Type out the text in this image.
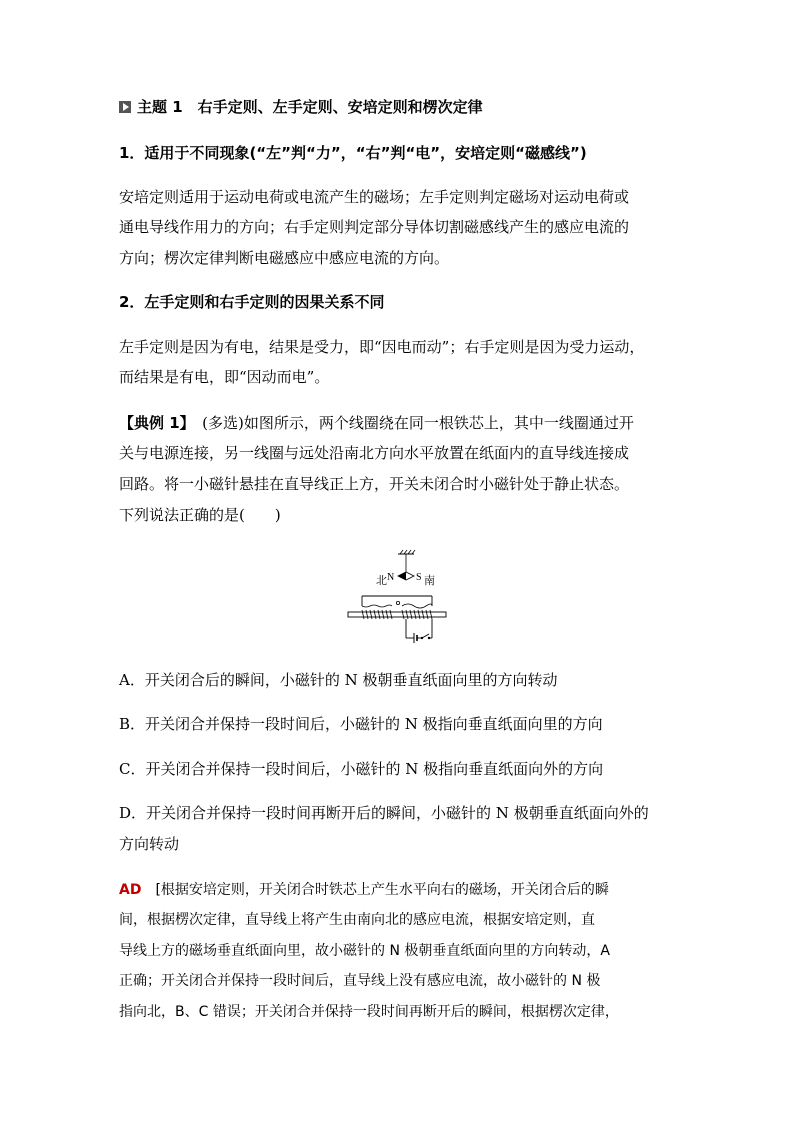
主题 1　右手定则、左手定则、安培定则和楞次定律
1．适用于不同现象(“左”判“力”，“右”判“电”，安培定则“磁感线”)
安培定则适用于运动电荷或电流产生的磁场；左手定则判定磁场对运动电荷或
通电导线作用力的方向；右手定则判定部分导体切割磁感线产生的感应电流的
方向；楞次定律判断电磁感应中感应电流的方向。
2．左手定则和右手定则的因果关系不同
左手定则是因为有电，结果是受力，即“因电而动”；右手定则是因为受力运动，
而结果是有电，即“因动而电”。
【典例 1】　(多选)如图所示，两个线圈绕在同一根铁芯上，其中一线圈通过开
关与电源连接，另一线圈与远处沿南北方向水平放置在纸面内的直导线连接成
回路。将一小磁针悬挂在直导线正上方，开关未闭合时小磁针处于静止状态。
下列说法正确的是(　　)
N S
北	南
A．开关闭合后的瞬间，小磁针的 N 极朝垂直纸面向里的方向转动
B．开关闭合并保持一段时间后，小磁针的 N 极指向垂直纸面向里的方向
C．开关闭合并保持一段时间后，小磁针的 N 极指向垂直纸面向外的方向
D．开关闭合并保持一段时间再断开后的瞬间，小磁针的 N 极朝垂直纸面向外的
方向转动
AD　[根据安培定则，开关闭合时铁芯上产生水平向右的磁场，开关闭合后的瞬
间，根据楞次定律，直导线上将产生由南向北的感应电流，根据安培定则，直
导线上方的磁场垂直纸面向里，故小磁针的 N 极朝垂直纸面向里的方向转动，A
正确；开关闭合并保持一段时间后，直导线上没有感应电流，故小磁针的 N 极
指向北，B、C 错误；开关闭合并保持一段时间再断开后的瞬间，根据楞次定律，
